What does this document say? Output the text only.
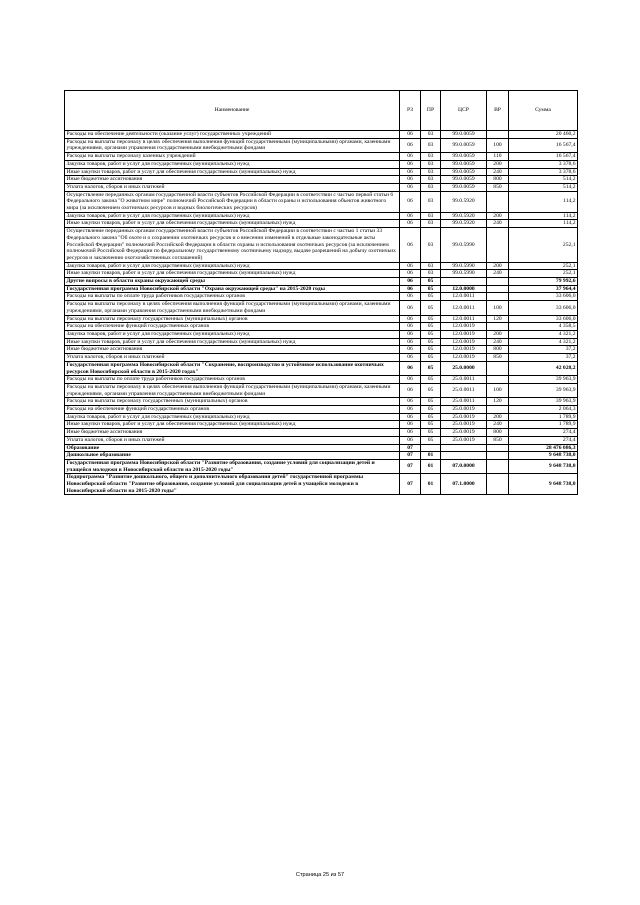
Наименование	РЗ	ПР	ЦСР	ВР	Сумма
Расходы на обеспечение деятельности (оказание услуг) государственных учреждений	06	03	99.0.0059		20 460,2
Расходы на выплаты персоналу в целях обеспечения выполнения функций государственными (муниципальными) органами, казенными учреждениями, органами управления государственными внебюджетными фондами	06	03	99.0.0059	100	16 567,4
Расходы на выплаты персоналу казенных учреждений	06	03	99.0.0059	110	16 567,4
Закупка товаров, работ и услуг для государственных (муниципальных) нужд	06	03	99.0.0059	200	3 378,6
Иные закупки товаров, работ и услуг для обеспечения государственных (муниципальных) нужд	06	03	99.0.0059	240	3 378,6
Иные бюджетные ассигнования	06	03	99.0.0059	800	514,2
Уплата налогов, сборов и иных платежей	06	03	99.0.0059	850	514,2
Осуществление переданных органам государственной власти субъектов Российской Федерации в соответствии с частью первой статьи 6 Федерального закона "О животном мире" полномочий Российской Федерации в области охраны и использования объектов животного мира (за исключением охотничьих ресурсов и водных биологических ресурсов)	06	03	99.0.5920		114,2
Закупка товаров, работ и услуг для государственных (муниципальных) нужд	06	03	99.0.5920	200	114,2
Иные закупки товаров, работ и услуг для обеспечения государственных (муниципальных) нужд	06	03	99.0.5920	240	114,2
Осуществление переданных органам государственной власти субъектов Российской Федерации в соответствии с частью 1 статьи 33 Федерального закона "Об охоте и о сохранении охотничьих ресурсов и о внесении изменений в отдельные законодательные акты Российской Федерации" полномочий Российской Федерации в области охраны и использования охотничьих ресурсов (за исключением полномочий Российской Федерации по федеральному государственному охотничьему надзору, выдаче разрешений на добычу охотничьих ресурсов и заключению охотхозяйственных соглашений)	06	03	99.0.5990		252,1
Закупка товаров, работ и услуг для государственных (муниципальных) нужд	06	03	99.0.5990	200	252,1
Иные закупки товаров, работ и услуг для обеспечения государственных (муниципальных) нужд	06	03	99.0.5990	240	252,1
Другие вопросы в области охраны окружающей среды	06	05			79 992,6
Государственная программа Новосибирской области "Охрана окружающей среды" на 2015-2020 годы	06	05	12.0.0000		37 964,4
Расходы на выплаты по оплате труда работников государственных органов	06	05	12.0.0011		33 606,0
Расходы на выплаты персоналу в целях обеспечения выполнения функций государственными (муниципальными) органами, казенными учреждениями, органами управления государственными внебюджетными фондами	06	05	12.0.0011	100	33 606,0
Расходы на выплаты персоналу государственных (муниципальных) органов	06	05	12.0.0011	120	33 606,0
Расходы на обеспечение функций государственных органов	06	05	12.0.0019		4 358,5
Закупка товаров, работ и услуг для государственных (муниципальных) нужд	06	05	12.0.0019	200	4 321,2
Иные закупки товаров, работ и услуг для обеспечения государственных (муниципальных) нужд	06	05	12.0.0019	240	4 321,2
Иные бюджетные ассигнования	06	05	12.0.0019	800	37,2
Уплата налогов, сборов и иных платежей	06	05	12.0.0019	850	37,2
Государственная программа Новосибирской области "Сохранение, воспроизводство и устойчивое использование охотничьих ресурсов Новосибирской области в 2015-2020 годах"	06	05	25.0.0000		42 028,2
Расходы на выплаты по оплате труда работников государственных органов	06	05	25.0.0011		39 963,9
Расходы на выплаты персоналу в целях обеспечения выполнения функций государственными (муниципальными) органами, казенными учреждениями, органами управления государственными внебюджетными фондами	06	05	25.0.0011	100	39 963,9
Расходы на выплаты персоналу государственных (муниципальных) органов	06	05	25.0.0011	120	39 963,9
Расходы на обеспечение функций государственных органов	06	05	25.0.0019		2 064,3
Закупка товаров, работ и услуг для государственных (муниципальных) нужд	06	05	25.0.0019	200	1 789,9
Иные закупки товаров, работ и услуг для обеспечения государственных (муниципальных) нужд	06	05	25.0.0019	240	1 789,9
Иные бюджетные ассигнования	06	05	25.0.0019	800	274,4
Уплата налогов, сборов и иных платежей	06	05	25.0.0019	850	274,4
Образование	07				28 476 086,3
Дошкольное образование	07	01			9 648 738,0
Государственная программа Новосибирской области "Развитие образования, создание условий для социализации детей и учащейся молодежи в Новосибирской области на 2015-2020 годы"	07	01	07.0.0000		9 648 738,0
Подпрограмма "Развитие дошкольного, общего и дополнительного образования детей" государственной программы Новосибирской области "Развитие образования, создание условий для социализации детей и учащейся молодежи в Новосибирской области на 2015-2020 годы"	07	01	07.1.0000		9 648 738,0
Страница 25 из 57
